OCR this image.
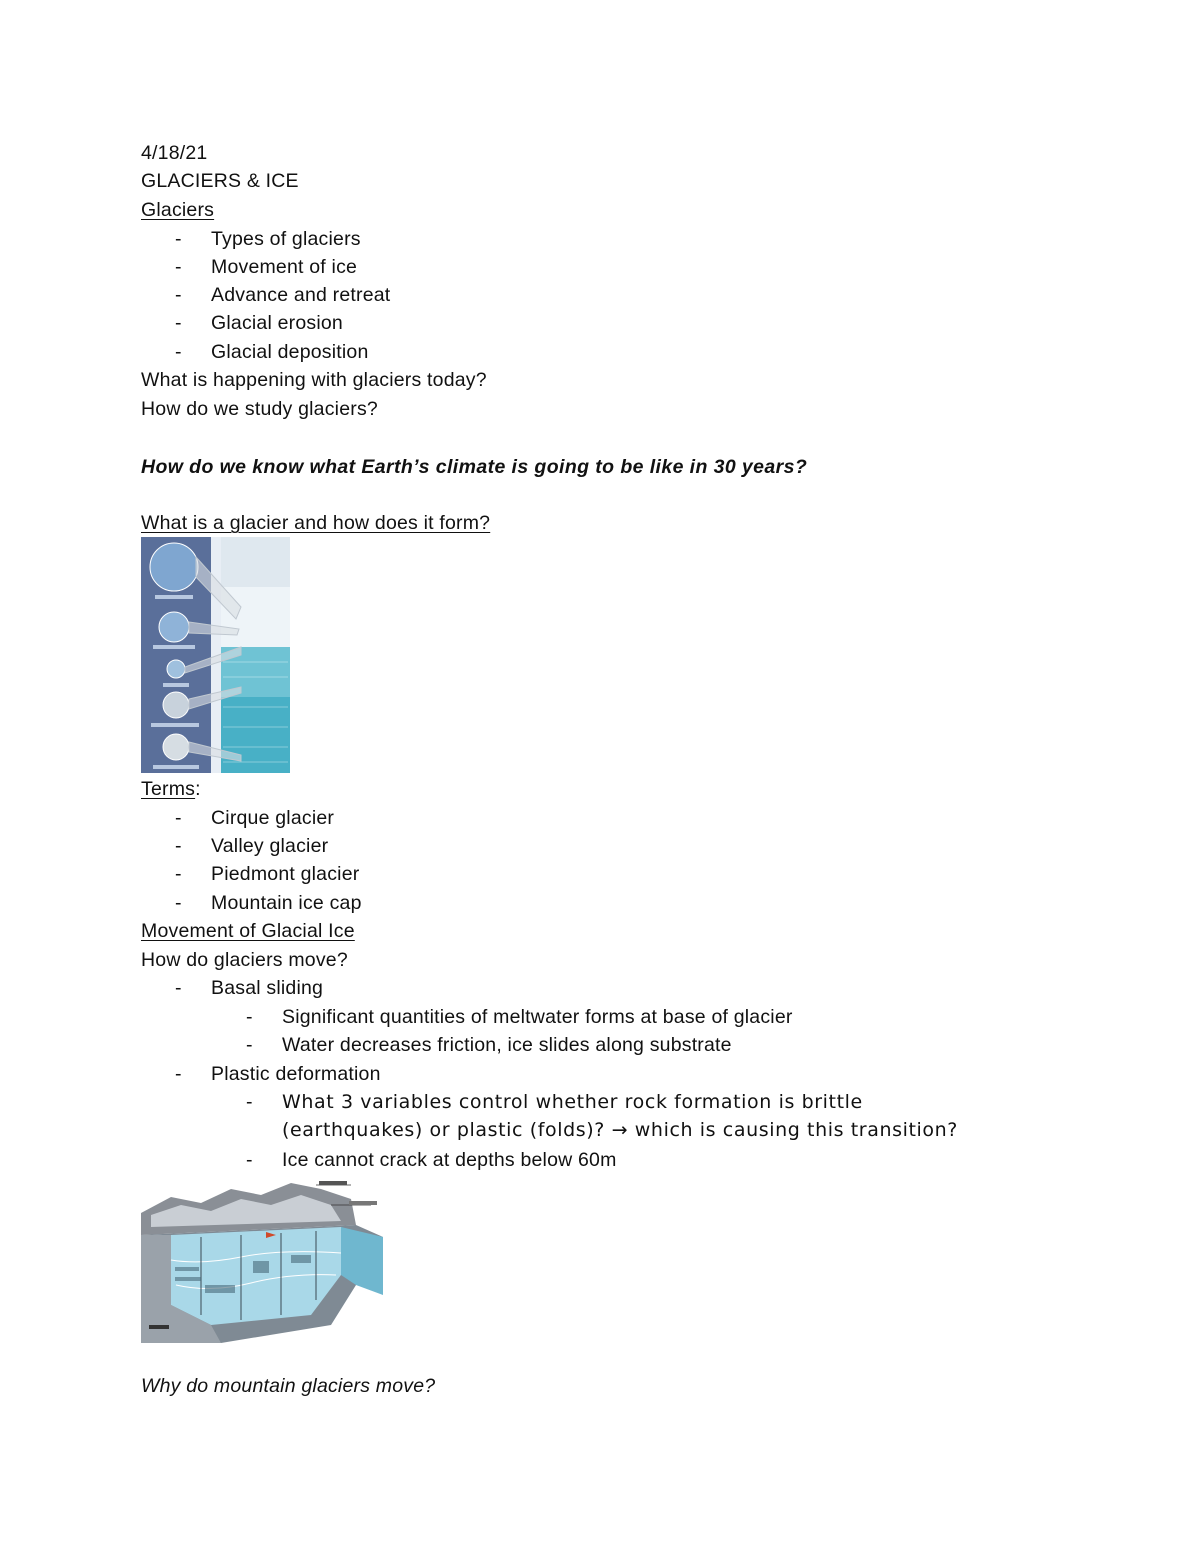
4/18/21
GLACIERS & ICE
Glaciers
- Types of glaciers
- Movement of ice
- Advance and retreat
- Glacial erosion
- Glacial deposition
What is happening with glaciers today?
How do we study glaciers?
How do we know what Earth’s climate is going to be like in 30 years?
What is a glacier and how does it form?
Terms:
- Cirque glacier
- Valley glacier
- Piedmont glacier
- Mountain ice cap
Movement of Glacial Ice
How do glaciers move?
- Basal sliding
- Significant quantities of meltwater forms at base of glacier
- Water decreases friction, ice slides along substrate
- Plastic deformation
- What 3 variables control whether rock formation is brittle
(earthquakes) or plastic (folds)? → which is causing this transition?
- Ice cannot crack at depths below 60m
Why do mountain glaciers move?
